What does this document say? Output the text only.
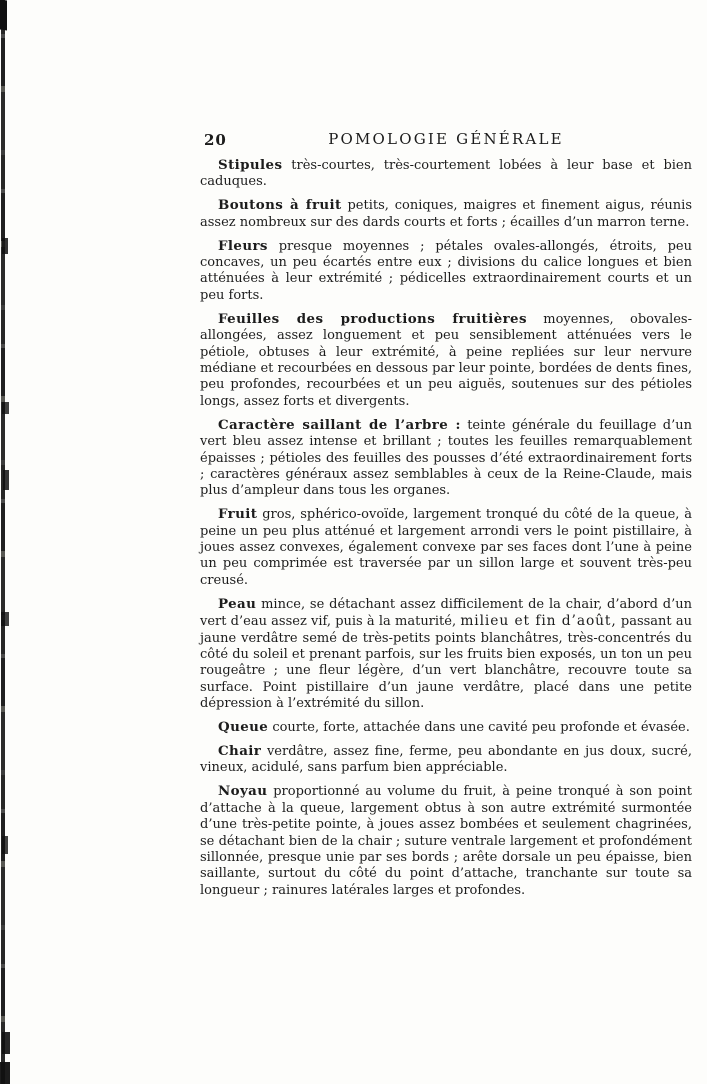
20	POMOLOGIE GÉNÉRALE

Stipules très-courtes, très-courtement lobées à leur base et bien caduques.

Boutons à fruit petits, coniques, maigres et finement aigus, réunis assez nombreux sur des dards courts et forts ; écailles d’un marron terne.

Fleurs presque moyennes ; pétales ovales-allongés, étroits, peu concaves, un peu écartés entre eux ; divisions du calice longues et bien atténuées à leur extrémité ; pédicelles extraordinairement courts et un peu forts.

Feuilles des productions fruitières moyennes, obovales-allongées, assez longuement et peu sensiblement atténuées vers le pétiole, obtuses à leur extrémité, à peine repliées sur leur nervure médiane et recourbées en dessous par leur pointe, bordées de dents fines, peu profondes, recourbées et un peu aiguës, soutenues sur des pétioles longs, assez forts et divergents.

Caractère saillant de l’arbre : teinte générale du feuillage d’un vert bleu assez intense et brillant ; toutes les feuilles remarquablement épaisses ; pétioles des feuilles des pousses d’été extraordinairement forts ; caractères généraux assez semblables à ceux de la Reine-Claude, mais plus d’ampleur dans tous les organes.

Fruit gros, sphérico-ovoïde, largement tronqué du côté de la queue, à peine un peu plus atténué et largement arrondi vers le point pistillaire, à joues assez convexes, également convexe par ses faces dont l’une à peine un peu comprimée est traversée par un sillon large et souvent très-peu creusé.

Peau mince, se détachant assez difficilement de la chair, d’abord d’un vert d’eau assez vif, puis à la maturité, milieu et fin d’août, passant au jaune verdâtre semé de très-petits points blanchâtres, très-concentrés du côté du soleil et prenant parfois, sur les fruits bien exposés, un ton un peu rougeâtre ; une fleur légère, d’un vert blanchâtre, recouvre toute sa surface. Point pistillaire d’un jaune verdâtre, placé dans une petite dépression à l’extrémité du sillon.

Queue courte, forte, attachée dans une cavité peu profonde et évasée.

Chair verdâtre, assez fine, ferme, peu abondante en jus doux, sucré, vineux, acidulé, sans parfum bien appréciable.

Noyau proportionné au volume du fruit, à peine tronqué à son point d’attache à la queue, largement obtus à son autre extrémité surmontée d’une très-petite pointe, à joues assez bombées et seulement chagrinées, se détachant bien de la chair ; suture ventrale largement et profondément sillonnée, presque unie par ses bords ; arête dorsale un peu épaisse, bien saillante, surtout du côté du point d’attache, tranchante sur toute sa longueur ; rainures latérales larges et profondes.
